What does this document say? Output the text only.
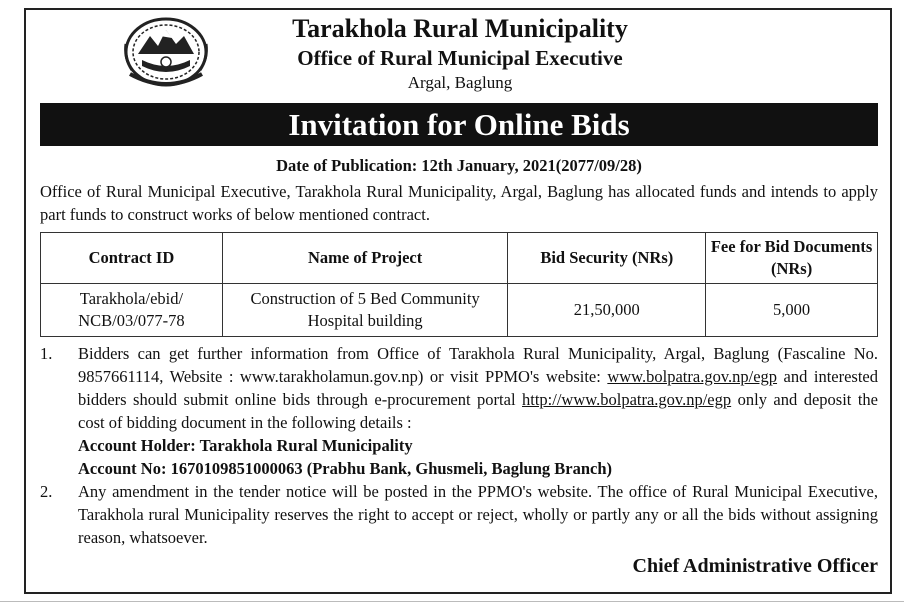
Tarakhola Rural Municipality
Office of Rural Municipal Executive
Argal, Baglung
Invitation for Online Bids
Date of Publication: 12th January, 2021(2077/09/28)
Office of Rural Municipal Executive, Tarakhola Rural Municipality, Argal, Baglung has allocated funds and intends to apply part funds to construct works of below mentioned contract.
Contract ID	Name of Project	Bid Security (NRs)	Fee for Bid Documents (NRs)
Tarakhola/ebid/ NCB/03/077-78	Construction of 5 Bed Community Hospital building	21,50,000	5,000
1. Bidders can get further information from Office of Tarakhola Rural Municipality, Argal, Baglung (Fascaline No. 9857661114, Website : www.tarakholamun.gov.np) or visit PPMO's website: www.bolpatra.gov.np/egp and interested bidders should submit online bids through e-procurement portal http://www.bolpatra.gov.np/egp only and deposit the cost of bidding document in the following details :
Account Holder: Tarakhola Rural Municipality
Account No: 1670109851000063 (Prabhu Bank, Ghusmeli, Baglung Branch)
2. Any amendment in the tender notice will be posted in the PPMO's website. The office of Rural Municipal Executive, Tarakhola rural Municipality reserves the right to accept or reject, wholly or partly any or all the bids without assigning reason, whatsoever.
Chief Administrative Officer
